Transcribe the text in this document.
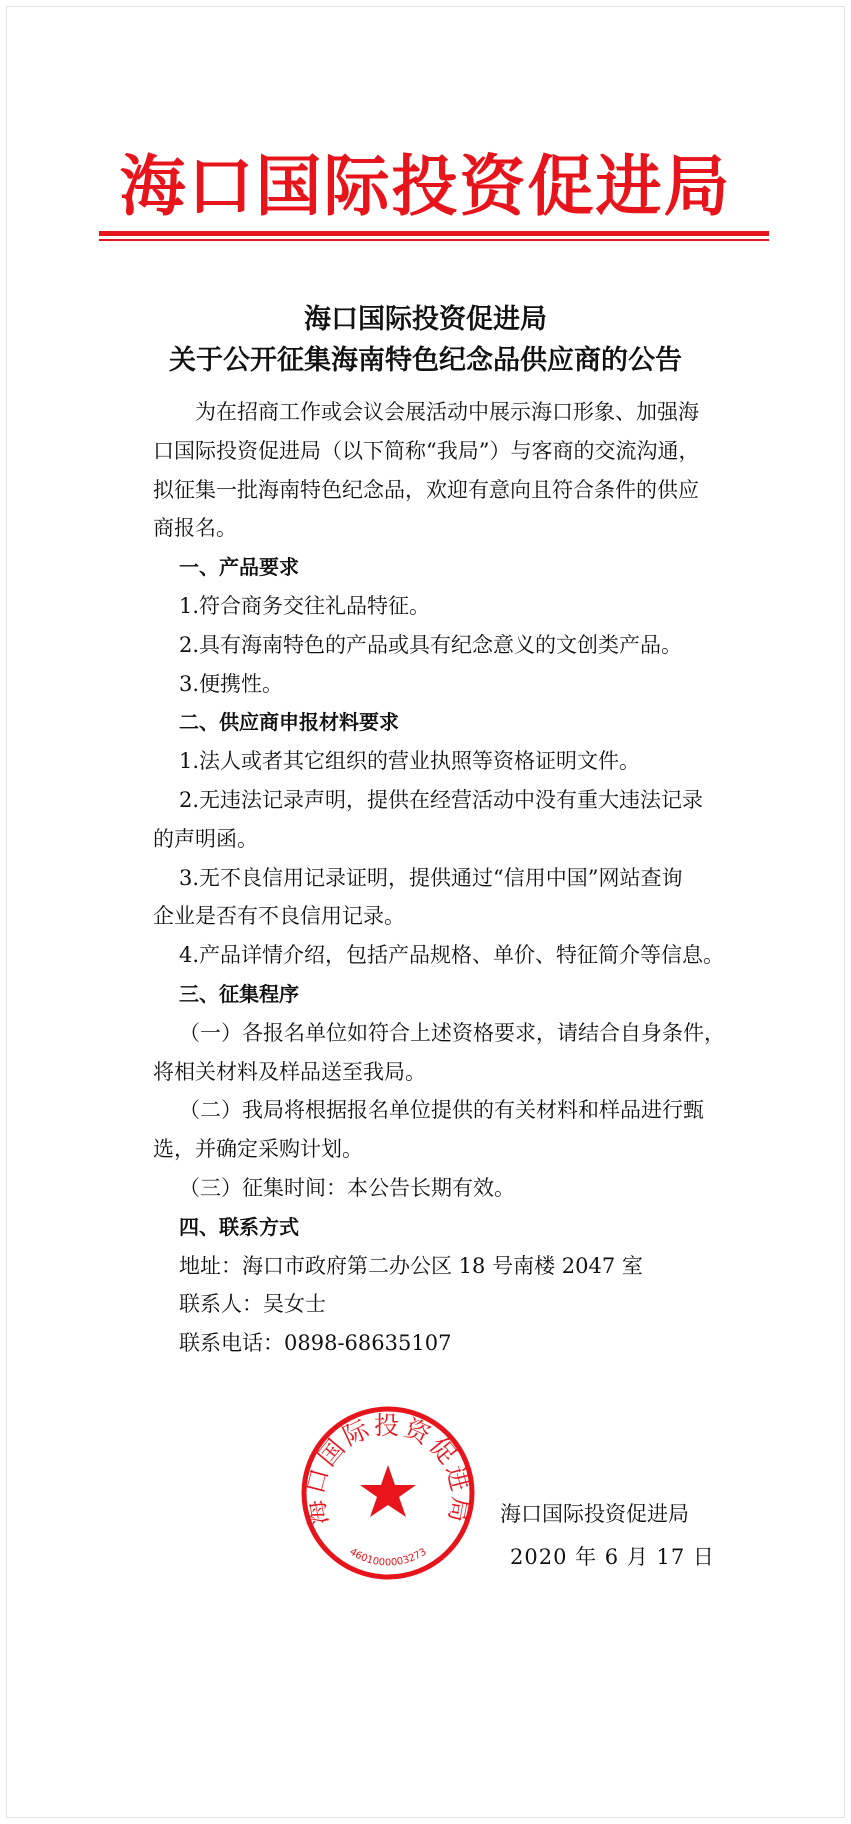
海口国际投资促进局
海口国际投资促进局
关于公开征集海南特色纪念品供应商的公告
为在招商工作或会议会展活动中展示海口形象、加强海
口国际投资促进局（以下简称“我局”）与客商的交流沟通，
拟征集一批海南特色纪念品，欢迎有意向且符合条件的供应
商报名。
一、产品要求
1.符合商务交往礼品特征。
2.具有海南特色的产品或具有纪念意义的文创类产品。
3.便携性。
二、供应商申报材料要求
1.法人或者其它组织的营业执照等资格证明文件。
2.无违法记录声明，提供在经营活动中没有重大违法记录
的声明函。
3.无不良信用记录证明，提供通过“信用中国”网站查询
企业是否有不良信用记录。
4.产品详情介绍，包括产品规格、单价、特征简介等信息。
三、征集程序
（一）各报名单位如符合上述资格要求，请结合自身条件，
将相关材料及样品送至我局。
（二）我局将根据报名单位提供的有关材料和样品进行甄
选，并确定采购计划。
（三）征集时间：本公告长期有效。
四、联系方式
地址：海口市政府第二办公区 18 号南楼 2047 室
联系人：吴女士
联系电话：0898-68635107
海口国际投资促进局
4601000003273
海口国际投资促进局
2020 年 6 月 17 日
